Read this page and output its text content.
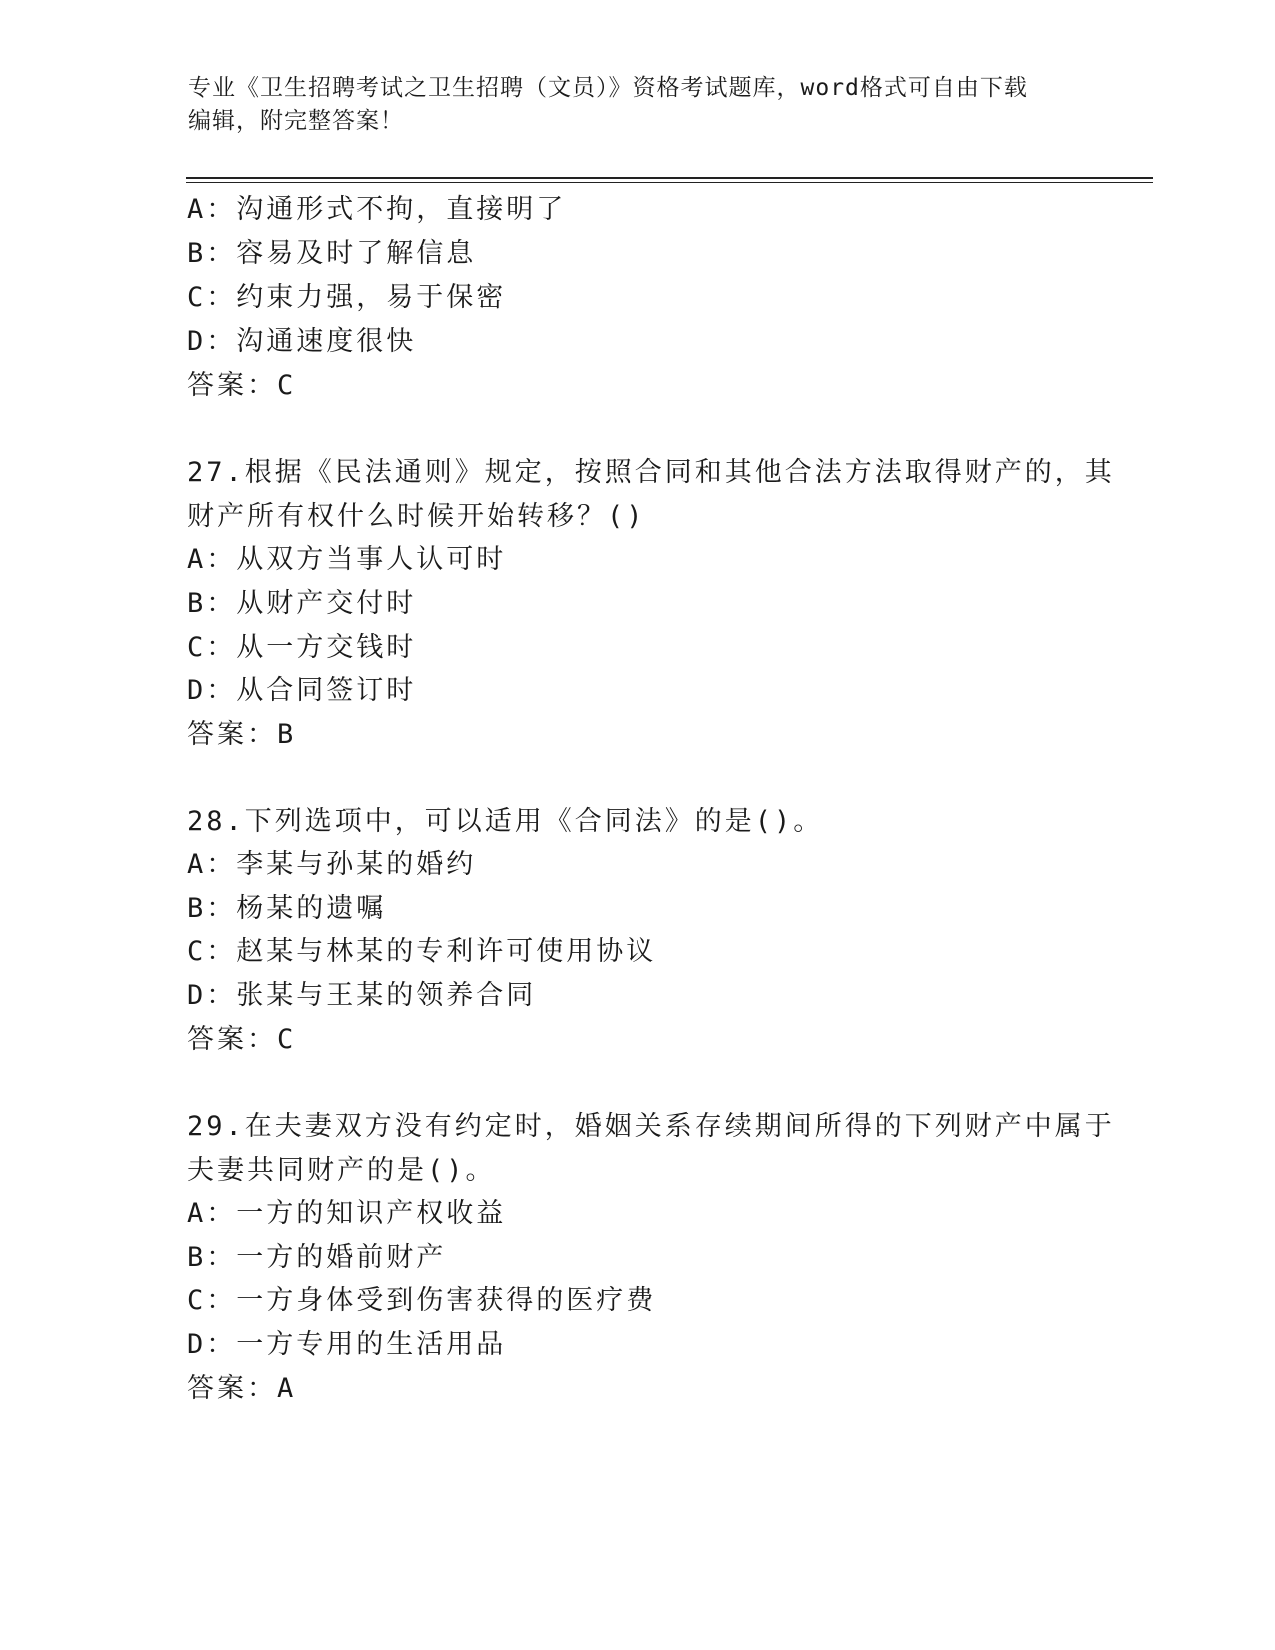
专业《卫生招聘考试之卫生招聘（文员）》资格考试题库，word格式可自由下载
编辑，附完整答案！
A：沟通形式不拘，直接明了
B：容易及时了解信息
C：约束力强，易于保密
D：沟通速度很快
答案：C
27.根据《民法通则》规定，按照合同和其他合法方法取得财产的，其
财产所有权什么时候开始转移？()
A：从双方当事人认可时
B：从财产交付时
C：从一方交钱时
D：从合同签订时
答案：B
28.下列选项中，可以适用《合同法》的是()。
A：李某与孙某的婚约
B：杨某的遗嘱
C：赵某与林某的专利许可使用协议
D：张某与王某的领养合同
答案：C
29.在夫妻双方没有约定时，婚姻关系存续期间所得的下列财产中属于
夫妻共同财产的是()。
A：一方的知识产权收益
B：一方的婚前财产
C：一方身体受到伤害获得的医疗费
D：一方专用的生活用品
答案：A
